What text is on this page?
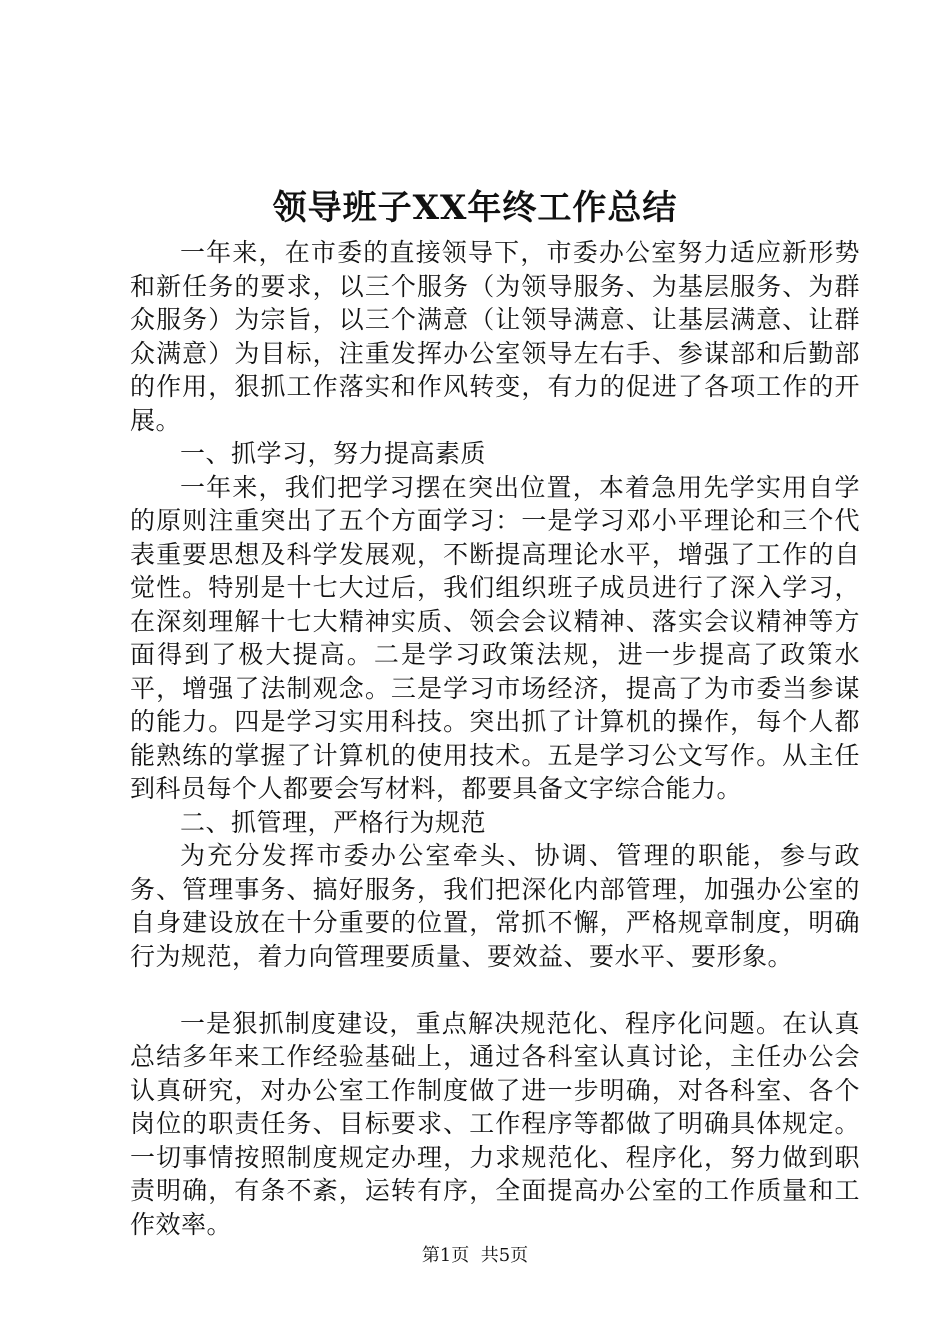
领导班子XX年终工作总结

一年来，在市委的直接领导下，市委办公室努力适应新形势和新任务的要求，以三个服务（为领导服务、为基层服务、为群众服务）为宗旨，以三个满意（让领导满意、让基层满意、让群众满意）为目标，注重发挥办公室领导左右手、参谋部和后勤部的作用，狠抓工作落实和作风转变，有力的促进了各项工作的开展。

一、抓学习，努力提高素质

一年来，我们把学习摆在突出位置，本着急用先学实用自学的原则注重突出了五个方面学习：一是学习邓小平理论和三个代表重要思想及科学发展观，不断提高理论水平，增强了工作的自觉性。特别是十七大过后，我们组织班子成员进行了深入学习，在深刻理解十七大精神实质、领会会议精神、落实会议精神等方面得到了极大提高。二是学习政策法规，进一步提高了政策水平，增强了法制观念。三是学习市场经济，提高了为市委当参谋的能力。四是学习实用科技。突出抓了计算机的操作，每个人都能熟练的掌握了计算机的使用技术。五是学习公文写作。从主任到科员每个人都要会写材料，都要具备文字综合能力。

二、抓管理，严格行为规范

为充分发挥市委办公室牵头、协调、管理的职能，参与政务、管理事务、搞好服务，我们把深化内部管理，加强办公室的自身建设放在十分重要的位置，常抓不懈，严格规章制度，明确行为规范，着力向管理要质量、要效益、要水平、要形象。

一是狠抓制度建设，重点解决规范化、程序化问题。在认真总结多年来工作经验基础上，通过各科室认真讨论，主任办公会认真研究，对办公室工作制度做了进一步明确，对各科室、各个岗位的职责任务、目标要求、工作程序等都做了明确具体规定。一切事情按照制度规定办理，力求规范化、程序化，努力做到职责明确，有条不紊，运转有序，全面提高办公室的工作质量和工作效率。

第1页 共5页
